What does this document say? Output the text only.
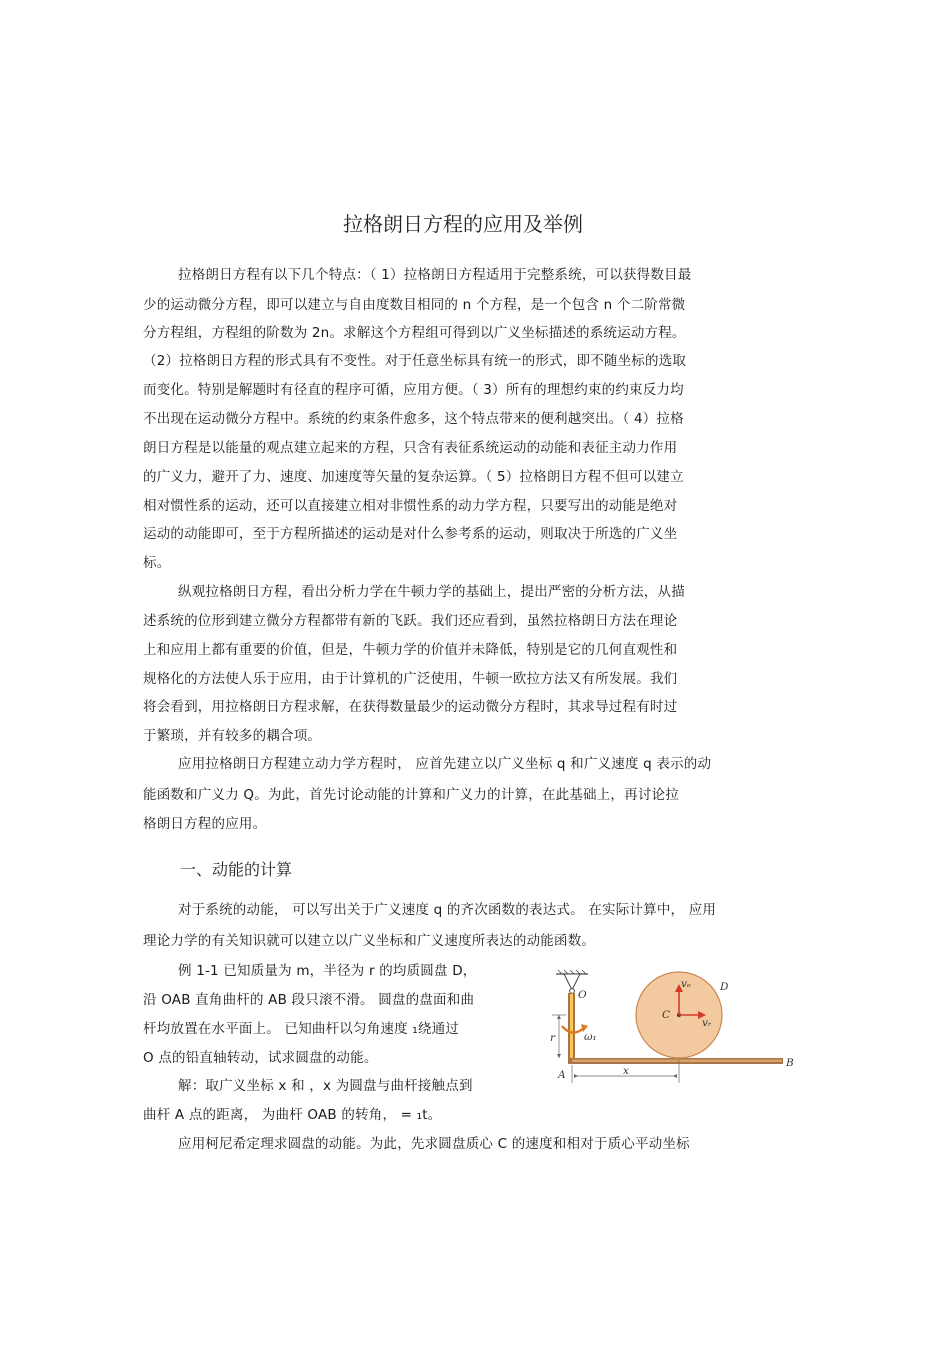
拉格朗日方程的应用及举例
拉格朗日方程有以下几个特点：（ 1）拉格朗日方程适用于完整系统，可以获得数目最
少的运动微分方程，即可以建立与自由度数目相同的 n 个方程，是一个包含 n 个二阶常微
分方程组，方程组的阶数为 2n。求解这个方程组可得到以广义坐标描述的系统运动方程。
（2）拉格朗日方程的形式具有不变性。对于任意坐标具有统一的形式，即不随坐标的选取
而变化。特别是解题时有径直的程序可循，应用方便。（ 3）所有的理想约束的约束反力均
不出现在运动微分方程中。系统的约束条件愈多，这个特点带来的便利越突出。（ 4）拉格
朗日方程是以能量的观点建立起来的方程，只含有表征系统运动的动能和表征主动力作用
的广义力，避开了力、速度、加速度等矢量的复杂运算。（ 5）拉格朗日方程不但可以建立
相对惯性系的运动，还可以直接建立相对非惯性系的动力学方程，只要写出的动能是绝对
运动的动能即可，至于方程所描述的运动是对什么参考系的运动，则取决于所选的广义坐
标。
纵观拉格朗日方程，看出分析力学在牛顿力学的基础上，提出严密的分析方法，从描
述系统的位形到建立微分方程都带有新的飞跃。我们还应看到，虽然拉格朗日方法在理论
上和应用上都有重要的价值，但是，牛顿力学的价值并未降低，特别是它的几何直观性和
规格化的方法使人乐于应用，由于计算机的广泛使用，牛顿一欧拉方法又有所发展。我们
将会看到，用拉格朗日方程求解，在获得数量最少的运动微分方程时，其求导过程有时过
于繁琐，并有较多的耦合项。
应用拉格朗日方程建立动力学方程时， 应首先建立以广义坐标 q 和广义速度 q 表示的动
能函数和广义力 Q。为此，首先讨论动能的计算和广义力的计算，在此基础上，再讨论拉
格朗日方程的应用。
一、动能的计算
对于系统的动能， 可以写出关于广义速度 q 的齐次函数的表达式。 在实际计算中， 应用
理论力学的有关知识就可以建立以广义坐标和广义速度所表达的动能函数。
例 1-1 已知质量为 m，半径为 r 的均质圆盘 D，
沿 OAB 直角曲杆的 AB 段只滚不滑。 圆盘的盘面和曲
杆均放置在水平面上。 已知曲杆以匀角速度 ₁绕通过
O 点的铅直轴转动，试求圆盘的动能。
解：取广义坐标 x 和 ，x 为圆盘与曲杆接触点到
曲杆 A 点的距离， 为曲杆 OAB 的转角， = ₁t。
应用柯尼希定理求圆盘的动能。为此，先求圆盘质心 C 的速度和相对于质心平动坐标
O
A
B
C
D
r
x
ω₁
vₑ
vᵣ
